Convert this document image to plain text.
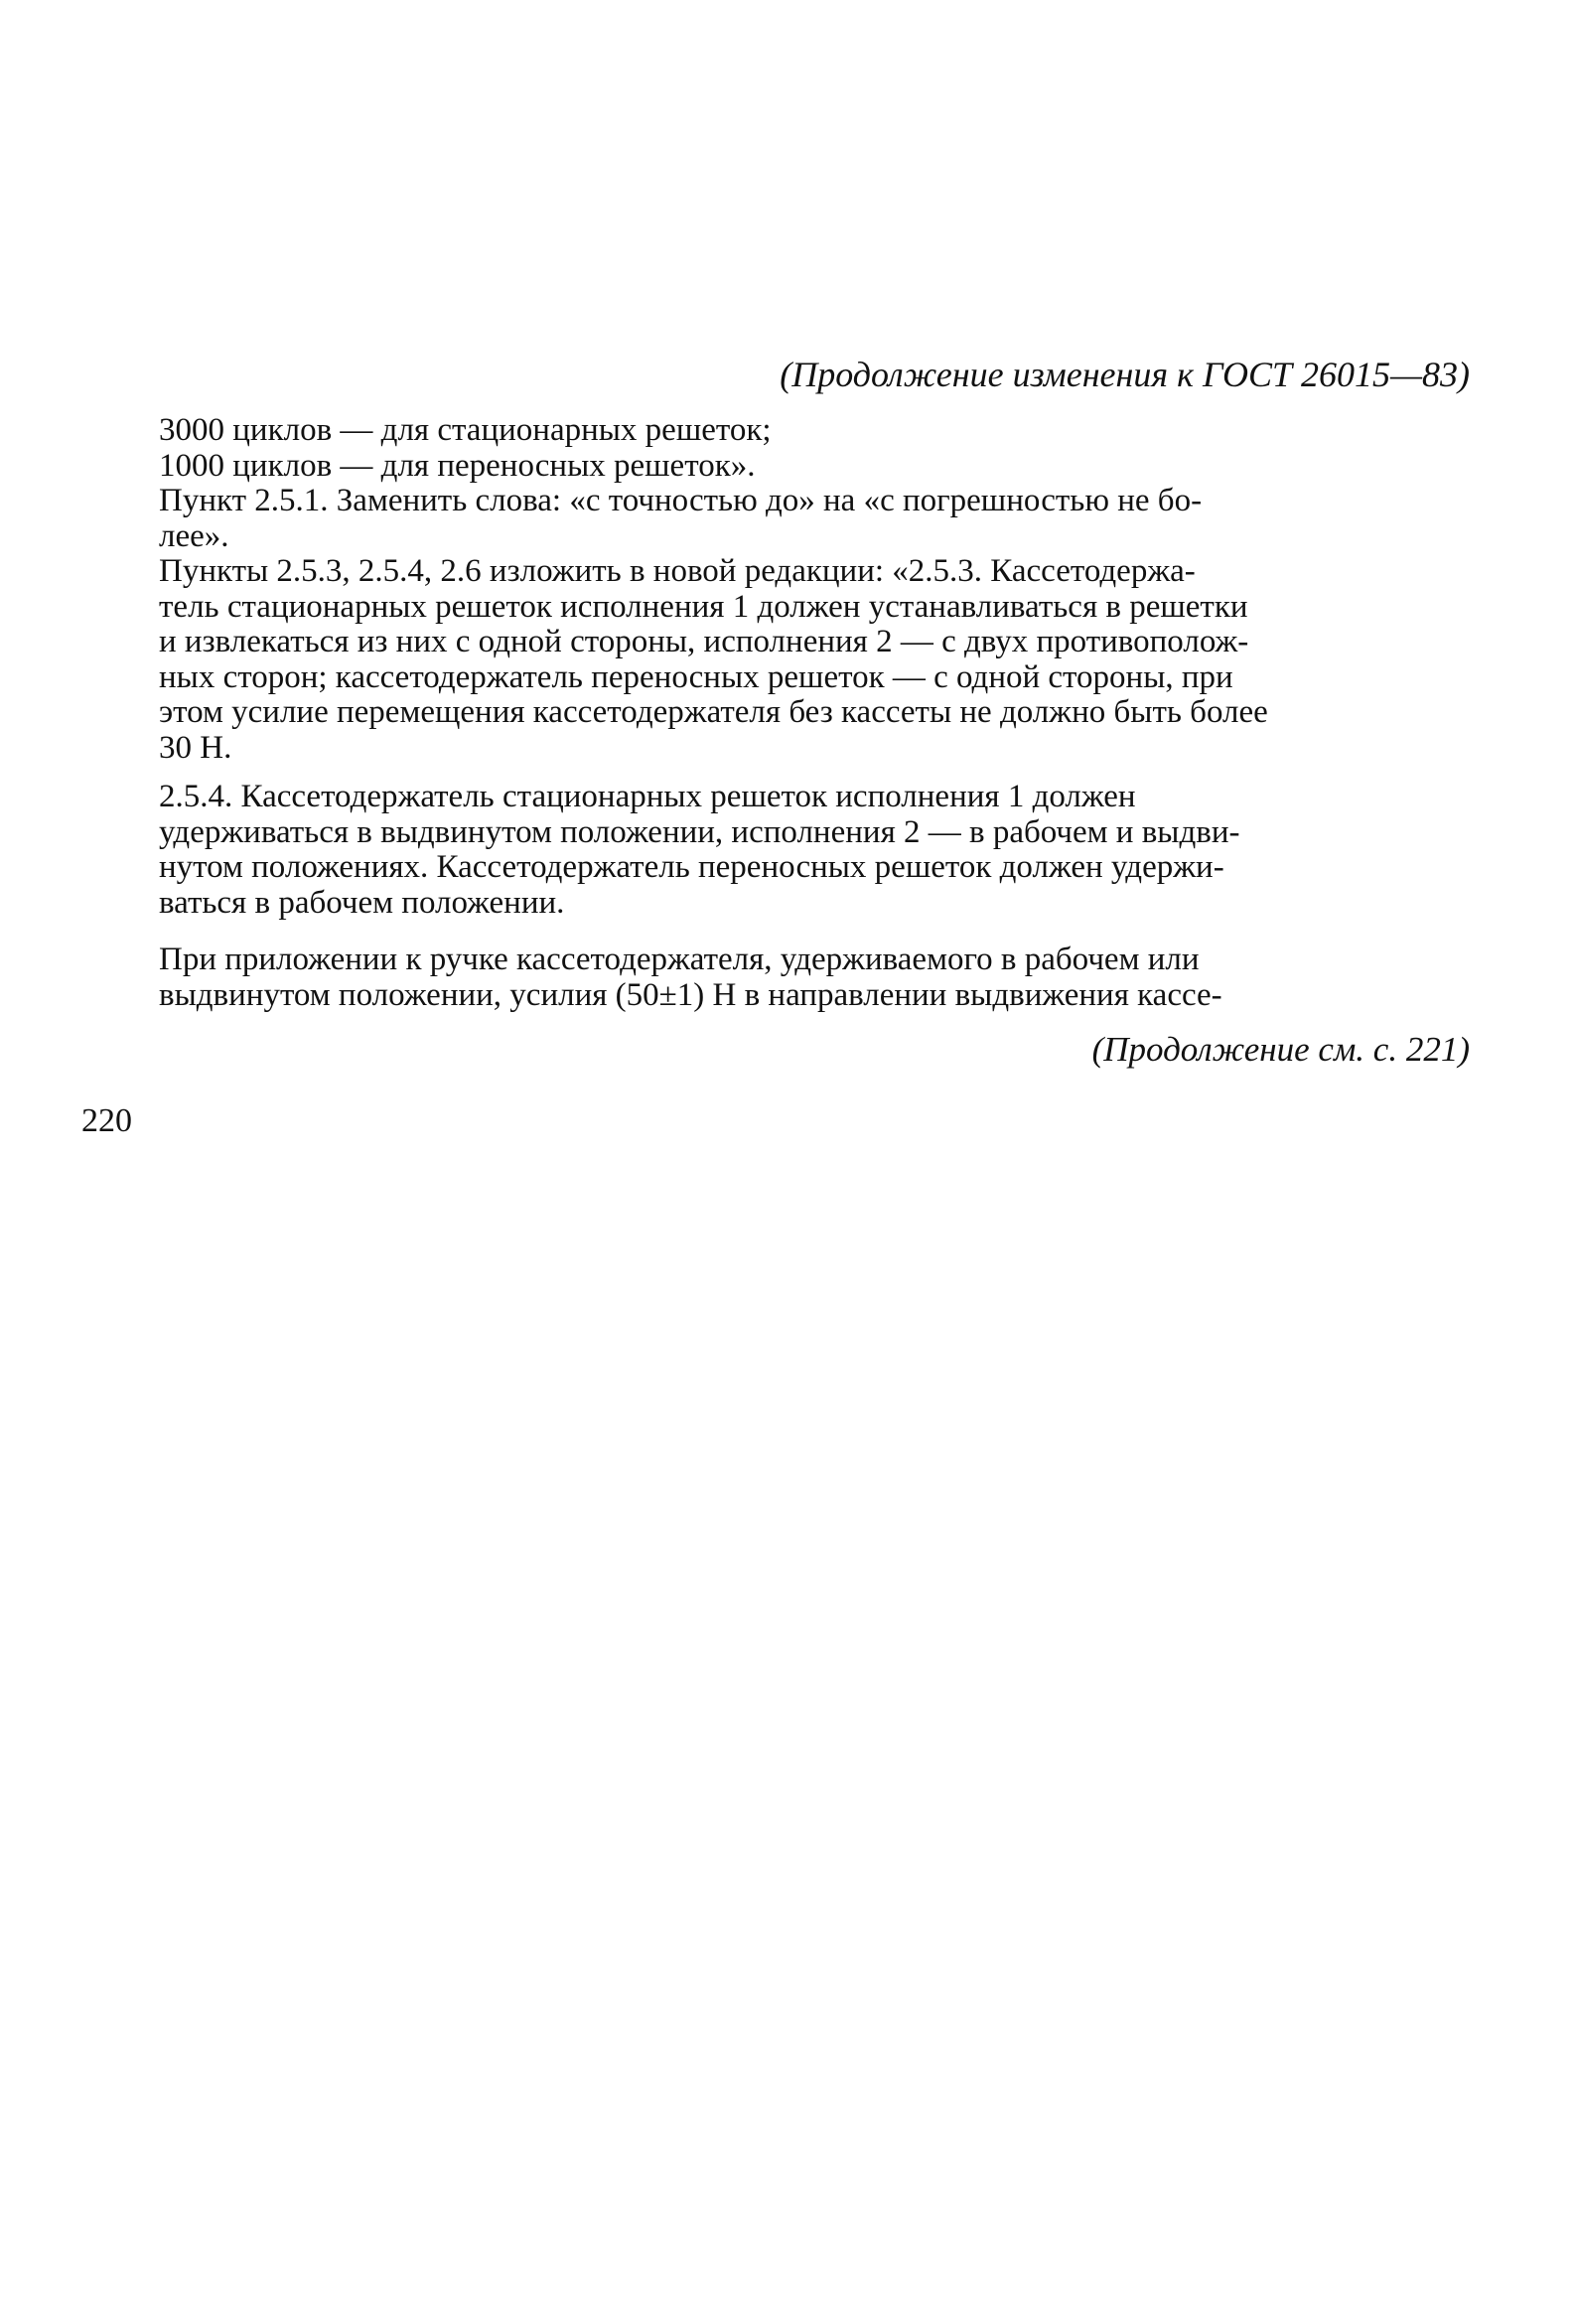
(Продолжение изменения к ГОСТ 26015—83)

3000 циклов — для стационарных решеток;

1000 циклов — для переносных решеток».

Пункт 2.5.1. Заменить слова: «с точностью до» на «с погрешностью не бо-
лее».

Пункты 2.5.3, 2.5.4, 2.6 изложить в новой редакции: «2.5.3. Кассетодержа-
тель стационарных решеток исполнения 1 должен устанавливаться в решетки
и извлекаться из них с одной стороны, исполнения 2 — с двух противополож-
ных сторон; кассетодержатель переносных решеток — с одной стороны, при
этом усилие перемещения кассетодержателя без кассеты не должно быть более
30 Н.

2.5.4. Кассетодержатель стационарных решеток исполнения 1 должен
удерживаться в выдвинутом положении, исполнения 2 — в рабочем и выдви-
нутом положениях. Кассетодержатель переносных решеток должен удержи-
ваться в рабочем положении.

При приложении к ручке кассетодержателя, удерживаемого в рабочем или
выдвинутом положении, усилия (50±1) Н в направлении выдвижения кассе-

(Продолжение см. с. 221)

220
